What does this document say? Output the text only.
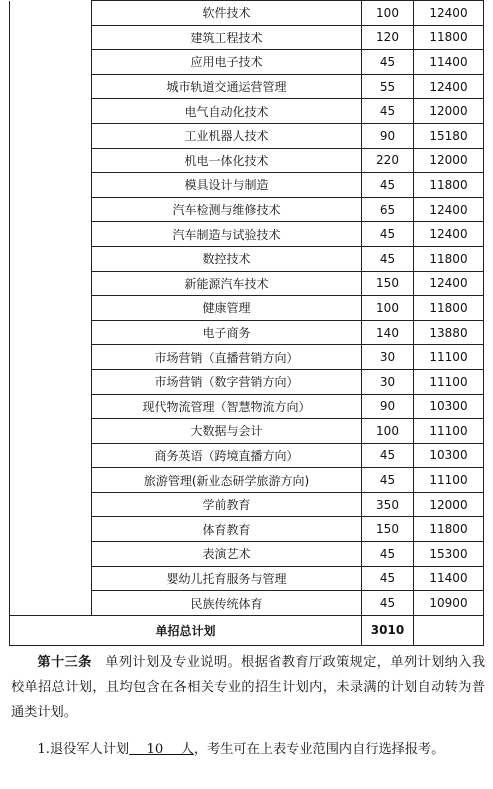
	软件技术	100	12400
	建筑工程技术	120	11800
	应用电子技术	45	11400
	城市轨道交通运营管理	55	12400
	电气自动化技术	45	12000
	工业机器人技术	90	15180
	机电一体化技术	220	12000
	模具设计与制造	45	11800
	汽车检测与维修技术	65	12400
	汽车制造与试验技术	45	12400
	数控技术	45	11800
	新能源汽车技术	150	12400
	健康管理	100	11800
	电子商务	140	13880
	市场营销（直播营销方向）	30	11100
	市场营销（数字营销方向）	30	11100
	现代物流管理（智慧物流方向）	90	10300
	大数据与会计	100	11100
	商务英语（跨境直播方向）	45	10300
	旅游管理(新业态研学旅游方向)	45	11100
	学前教育	350	12000
	体育教育	150	11800
	表演艺术	45	15300
	婴幼儿托育服务与管理	45	11400
	民族传统体育	45	10900
单招总计划		3010	
第十三条　单列计划及专业说明。根据省教育厅政策规定，单列计划纳入我校单招总计划，且均包含在各相关专业的招生计划内，未录满的计划自动转为普通类计划。
1.退役军人计划　 10 　人，考生可在上表专业范围内自行选择报考。
